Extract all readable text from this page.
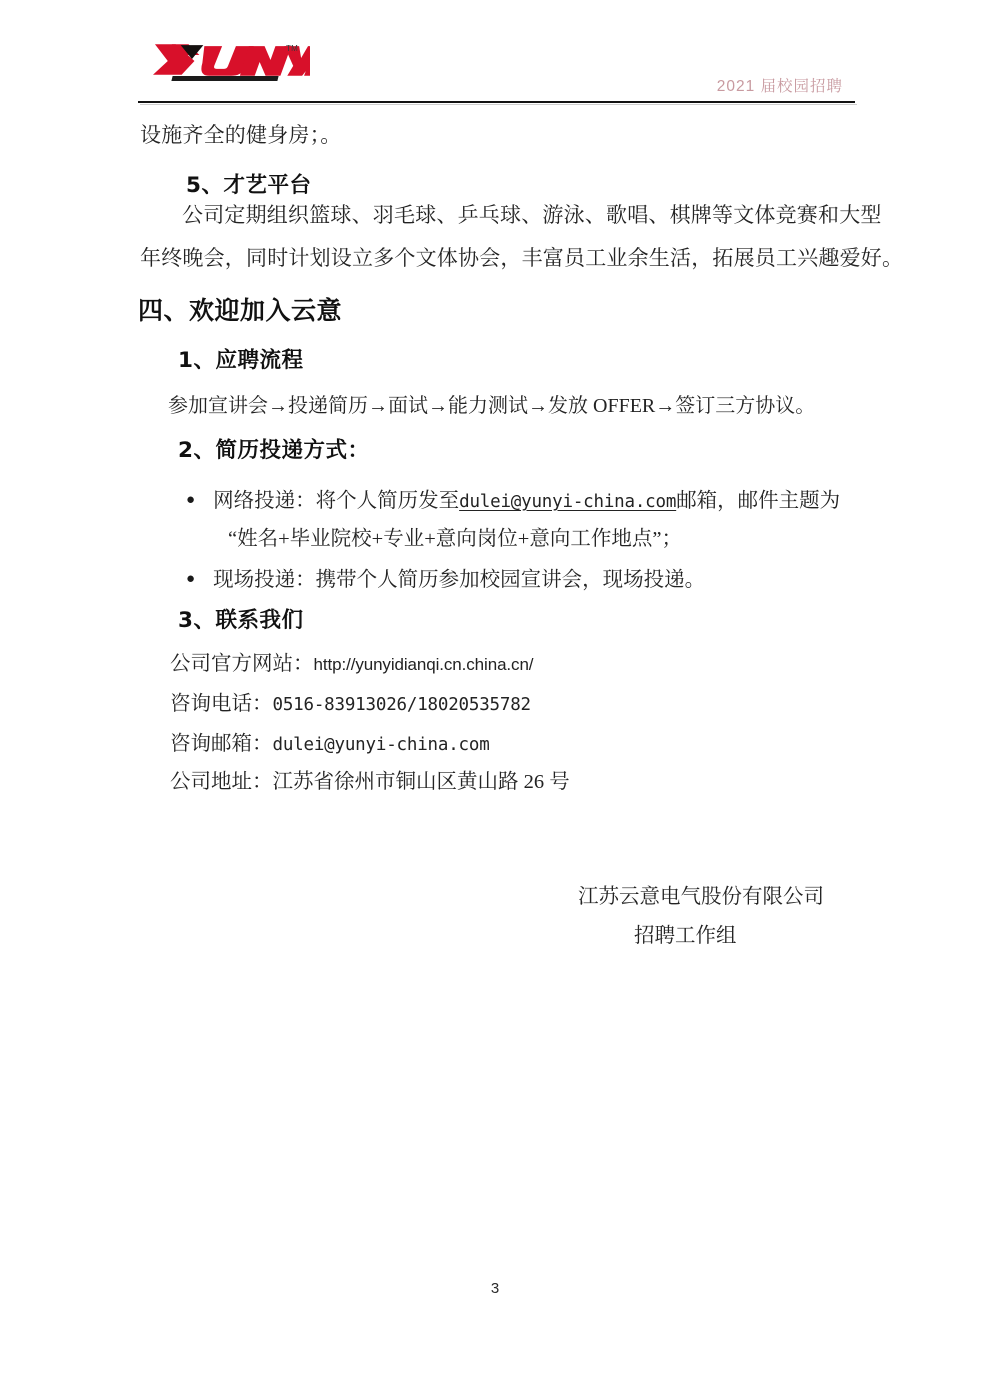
TM
2021 届校园招聘
设施齐全的健身房；。
5、才艺平台
公司定期组织篮球、羽毛球、乒乓球、游泳、歌唱、棋牌等文体竞赛和大型
年终晚会，同时计划设立多个文体协会，丰富员工业余生活，拓展员工兴趣爱好。
四、欢迎加入云意
1、应聘流程
参加宣讲会→投递简历→面试→能力测试→发放 OFFER→签订三方协议。
2、简历投递方式：
● 网络投递：将个人简历发至dulei@yunyi-china.com邮箱，邮件主题为
“姓名+毕业院校+专业+意向岗位+意向工作地点”；
● 现场投递：携带个人简历参加校园宣讲会，现场投递。
3、联系我们
公司官方网站：http://yunyidianqi.cn.china.cn/
咨询电话：0516-83913026/18020535782
咨询邮箱：dulei@yunyi-china.com
公司地址：江苏省徐州市铜山区黄山路 26 号
江苏云意电气股份有限公司
招聘工作组
3
